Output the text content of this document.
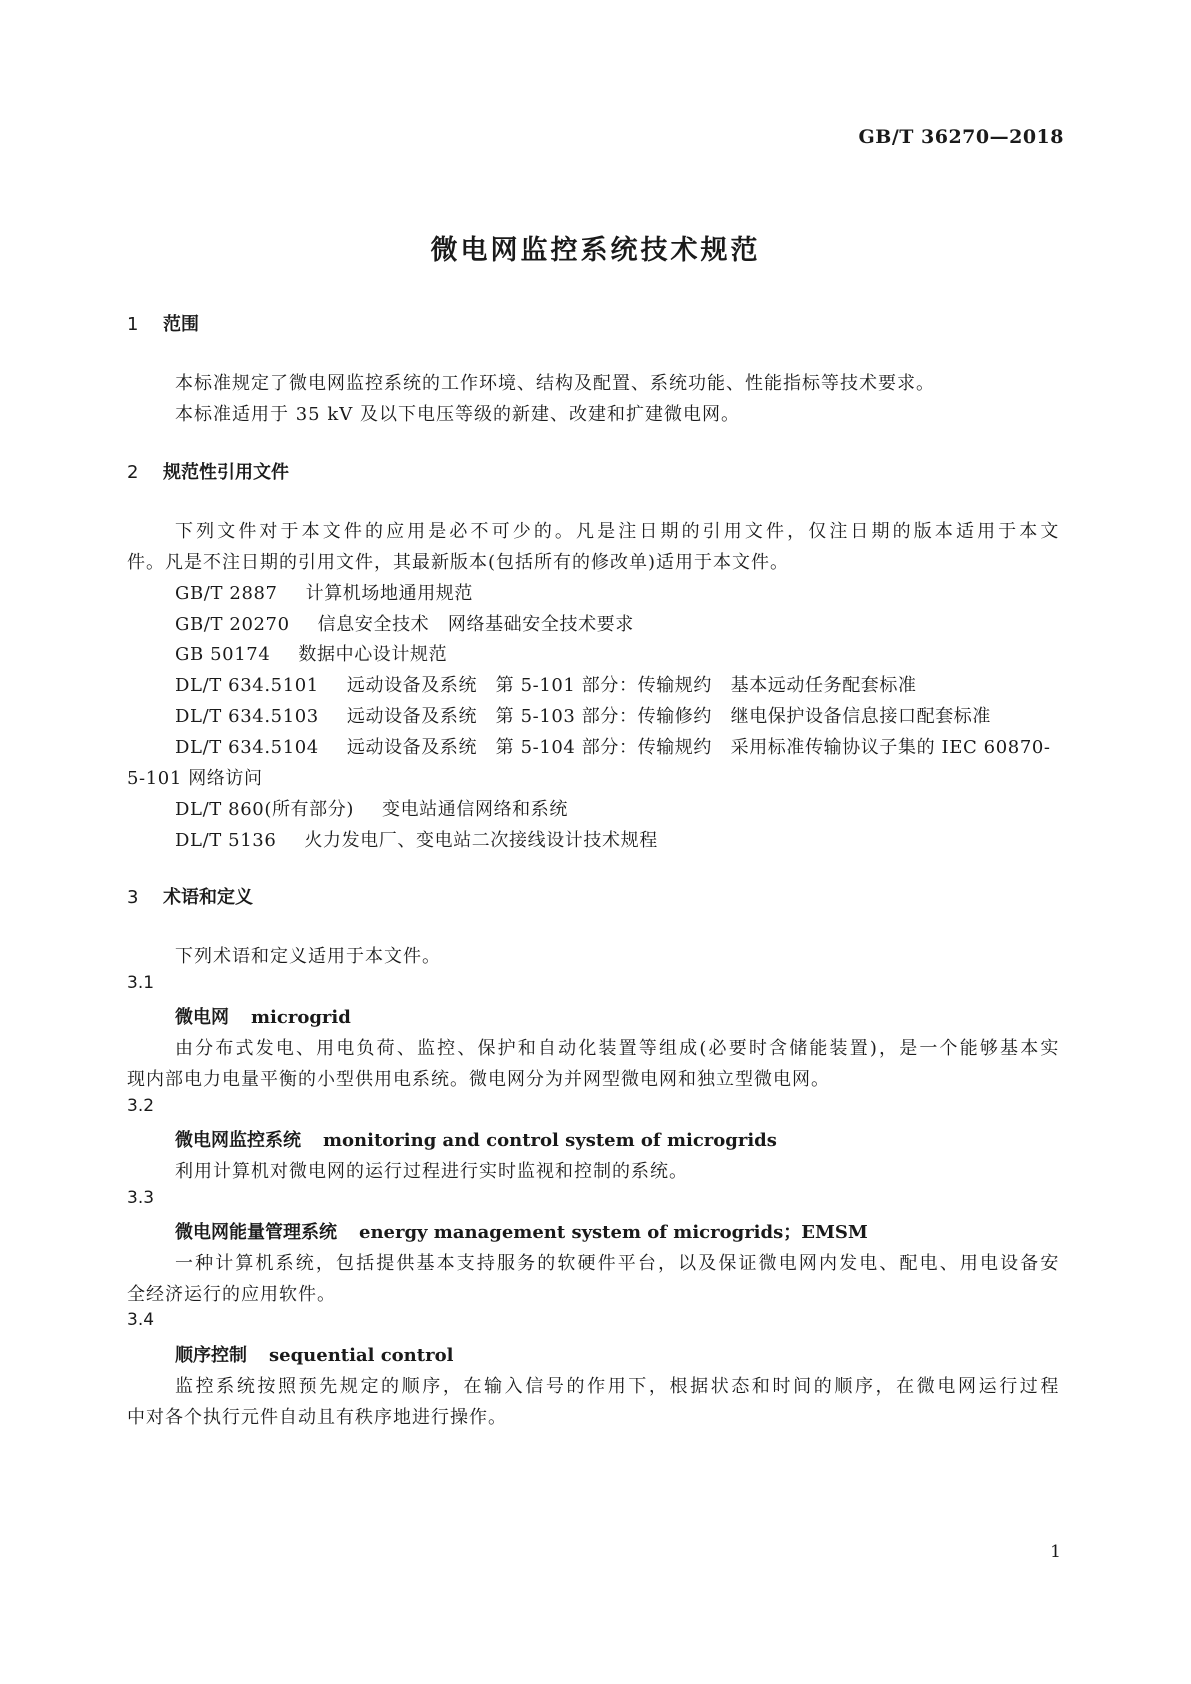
GB/T 36270—2018
微电网监控系统技术规范
1 范围
本标准规定了微电网监控系统的工作环境、结构及配置、系统功能、性能指标等技术要求。
本标准适用于 35 kV 及以下电压等级的新建、改建和扩建微电网。
2 规范性引用文件
下列文件对于本文件的应用是必不可少的。凡是注日期的引用文件，仅注日期的版本适用于本文
件。凡是不注日期的引用文件，其最新版本(包括所有的修改单)适用于本文件。
GB/T 2887 计算机场地通用规范
GB/T 20270 信息安全技术　网络基础安全技术要求
GB 50174 数据中心设计规范
DL/T 634.5101 远动设备及系统　第 5-101 部分：传输规约　基本远动任务配套标准
DL/T 634.5103 远动设备及系统　第 5-103 部分：传输修约　继电保护设备信息接口配套标准
DL/T 634.5104 远动设备及系统　第 5-104 部分：传输规约　采用标准传输协议子集的 IEC 60870-
5-101 网络访问
DL/T 860(所有部分) 变电站通信网络和系统
DL/T 5136 火力发电厂、变电站二次接线设计技术规程
3 术语和定义
下列术语和定义适用于本文件。
3.1
微电网 microgrid
由分布式发电、用电负荷、监控、保护和自动化装置等组成(必要时含储能装置)，是一个能够基本实
现内部电力电量平衡的小型供用电系统。微电网分为并网型微电网和独立型微电网。
3.2
微电网监控系统 monitoring and control system of microgrids
利用计算机对微电网的运行过程进行实时监视和控制的系统。
3.3
微电网能量管理系统 energy management system of microgrids；EMSM
一种计算机系统，包括提供基本支持服务的软硬件平台，以及保证微电网内发电、配电、用电设备安
全经济运行的应用软件。
3.4
顺序控制 sequential control
监控系统按照预先规定的顺序，在输入信号的作用下，根据状态和时间的顺序，在微电网运行过程
中对各个执行元件自动且有秩序地进行操作。
1
